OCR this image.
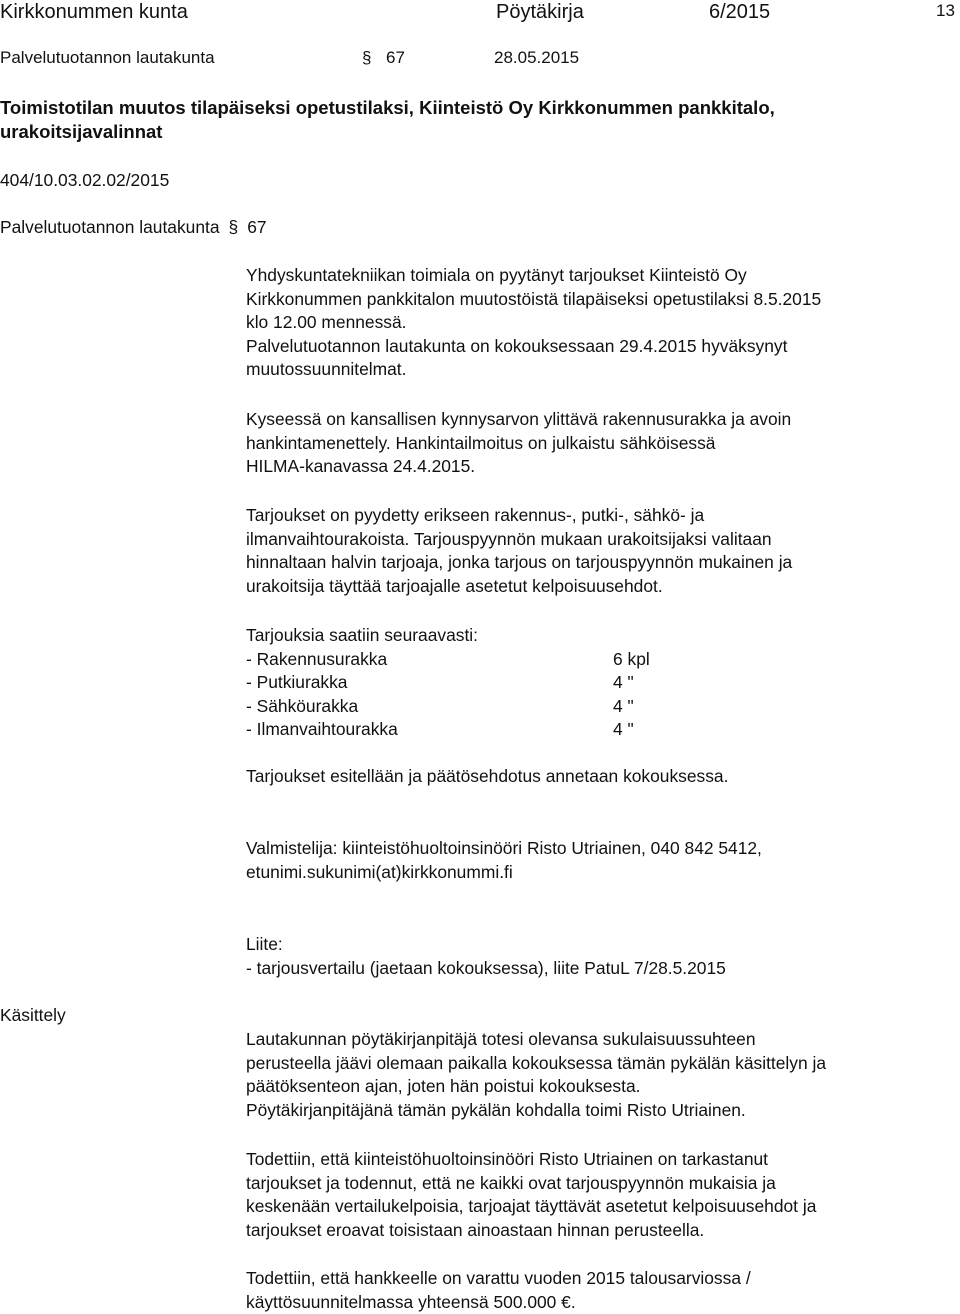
Kirkkonummen kunta	Pöytäkirja	6/2015	13
Palvelutuotannon lautakunta	§ 67	28.05.2015
Toimistotilan muutos tilapäiseksi opetustilaksi, Kiinteistö Oy Kirkkonummen pankkitalo,
urakoitsijavalinnat
404/10.03.02.02/2015
Palvelutuotannon lautakunta § 67
Yhdyskuntatekniikan toimiala on pyytänyt tarjoukset Kiinteistö Oy
Kirkkonummen pankkitalon muutostöistä tilapäiseksi opetustilaksi 8.5.2015
klo 12.00 mennessä.
Palvelutuotannon lautakunta on kokouksessaan 29.4.2015 hyväksynyt
muutossuunnitelmat.
Kyseessä on kansallisen kynnysarvon ylittävä rakennusurakka ja avoin
hankintamenettely. Hankintailmoitus on julkaistu sähköisessä
HILMA-kanavassa 24.4.2015.
Tarjoukset on pyydetty erikseen rakennus-, putki-, sähkö- ja
ilmanvaihtourakoista. Tarjouspyynnön mukaan urakoitsijaksi valitaan
hinnaltaan halvin tarjoaja, jonka tarjous on tarjouspyynnön mukainen ja
urakoitsija täyttää tarjoajalle asetetut kelpoisuusehdot.
Tarjouksia saatiin seuraavasti:
- Rakennusurakka	6 kpl
- Putkiurakka	4 "
- Sähköurakka	4 "
- Ilmanvaihtourakka	4 "
Tarjoukset esitellään ja päätösehdotus annetaan kokouksessa.
Valmistelija: kiinteistöhuoltoinsinööri Risto Utriainen, 040 842 5412,
etunimi.sukunimi(at)kirkkonummi.fi
Liite:
- tarjousvertailu (jaetaan kokouksessa), liite PatuL 7/28.5.2015
Käsittely
Lautakunnan pöytäkirjanpitäjä totesi olevansa sukulaisuussuhteen
perusteella jäävi olemaan paikalla kokouksessa tämän pykälän käsittelyn ja
päätöksenteon ajan, joten hän poistui kokouksesta.
Pöytäkirjanpitäjänä tämän pykälän kohdalla toimi Risto Utriainen.
Todettiin, että kiinteistöhuoltoinsinööri Risto Utriainen on tarkastanut
tarjoukset ja todennut, että ne kaikki ovat tarjouspyynnön mukaisia ja
keskenään vertailukelpoisia, tarjoajat täyttävät asetetut kelpoisuusehdot ja
tarjoukset eroavat toisistaan ainoastaan hinnan perusteella.
Todettiin, että hankkeelle on varattu vuoden 2015 talousarviossa /
käyttösuunnitelmassa yhteensä 500.000 €.
